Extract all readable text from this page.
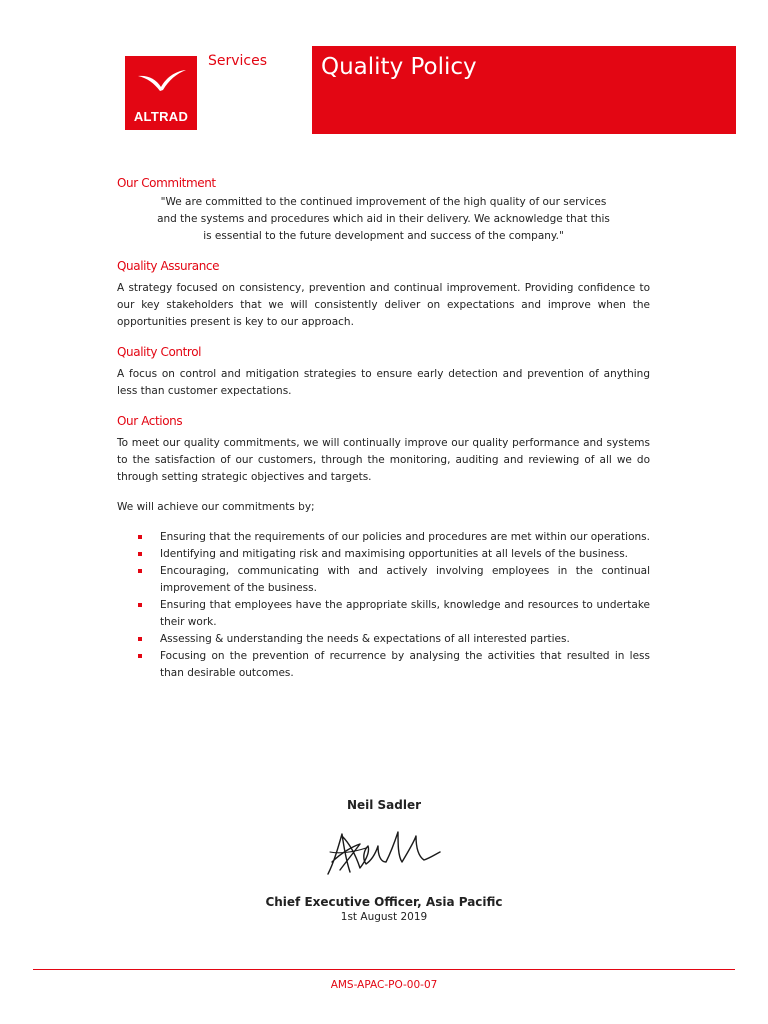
ALTRAD
Services Quality Policy
Our Commitment
"We are committed to the continued improvement of the high quality of our services and the systems and procedures which aid in their delivery. We acknowledge that this is essential to the future development and success of the company."
Quality Assurance
A strategy focused on consistency, prevention and continual improvement. Providing confidence to our key stakeholders that we will consistently deliver on expectations and improve when the opportunities present is key to our approach.
Quality Control
A focus on control and mitigation strategies to ensure early detection and prevention of anything less than customer expectations.
Our Actions
To meet our quality commitments, we will continually improve our quality performance and systems to the satisfaction of our customers, through the monitoring, auditing and reviewing of all we do through setting strategic objectives and targets.
We will achieve our commitments by;
Ensuring that the requirements of our policies and procedures are met within our operations.
Identifying and mitigating risk and maximising opportunities at all levels of the business.
Encouraging, communicating with and actively involving employees in the continual improvement of the business.
Ensuring that employees have the appropriate skills, knowledge and resources to undertake their work.
Assessing & understanding the needs & expectations of all interested parties.
Focusing on the prevention of recurrence by analysing the activities that resulted in less than desirable outcomes.
Neil Sadler
Chief Executive Officer, Asia Pacific
1st August 2019
AMS-APAC-PO-00-07
